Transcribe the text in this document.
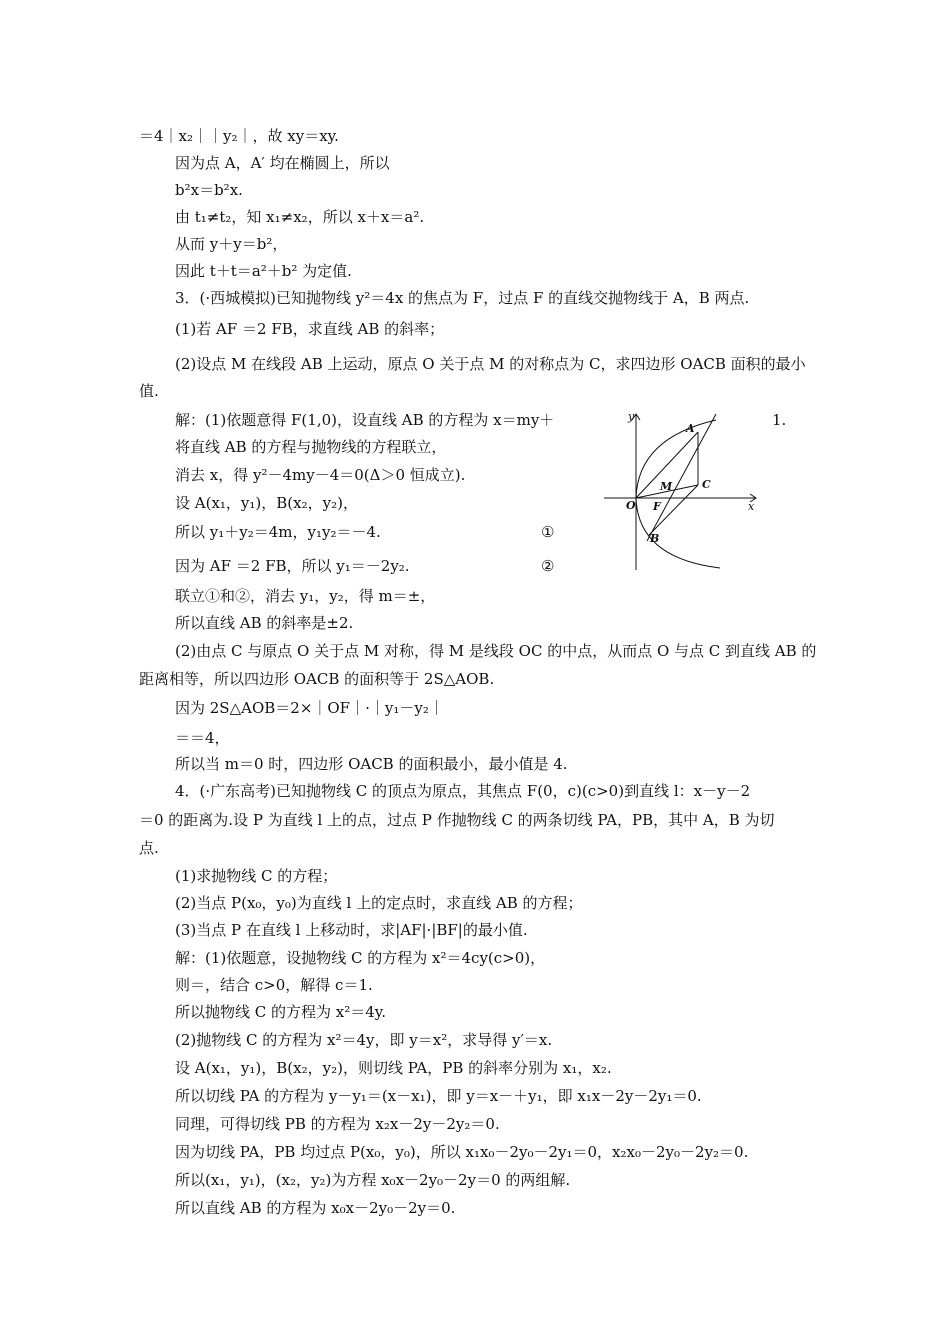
＝4｜x₂｜｜y₂｜，故 xy＝xy.
因为点 A，A′ 均在椭圆上，所以
b²x＝b²x.
由 t₁≠t₂，知 x₁≠x₂，所以 x＋x＝a².
从而 y＋y＝b²，
因此 t＋t＝a²＋b² 为定值.
3．(·西城模拟)已知抛物线 y²＝4x 的焦点为 F，过点 F 的直线交抛物线于 A，B 两点.
(1)若 AF ＝2 FB，求直线 AB 的斜率；
(2)设点 M 在线段 AB 上运动，原点 O 关于点 M 的对称点为 C，求四边形 OACB 面积的最小
值.
解：(1)依题意得 F(1,0)，设直线 AB 的方程为 x＝my＋
将直线 AB 的方程与抛物线的方程联立，
消去 x，得 y²－4my－4＝0(Δ＞0 恒成立).
设 A(x₁，y₁)，B(x₂，y₂)，
所以 y₁＋y₂＝4m，y₁y₂＝－4.
因为 AF ＝2 FB，所以 y₁＝－2y₂.
联立①和②，消去 y₁，y₂，得 m＝±，
所以直线 AB 的斜率是±2.
(2)由点 C 与原点 O 关于点 M 对称，得 M 是线段 OC 的中点，从而点 O 与点 C 到直线 AB 的
距离相等，所以四边形 OACB 的面积等于 2S△AOB.
因为 2S△AOB＝2×｜OF｜·｜y₁－y₂｜
＝＝4，
所以当 m＝0 时，四边形 OACB 的面积最小，最小值是 4.
4．(·广东高考)已知抛物线 C 的顶点为原点，其焦点 F(0，c)(c>0)到直线 l：x－y－2
＝0 的距离为.设 P 为直线 l 上的点，过点 P 作抛物线 C 的两条切线 PA，PB，其中 A，B 为切
点.
(1)求抛物线 C 的方程；
(2)当点 P(x₀，y₀)为直线 l 上的定点时，求直线 AB 的方程；
(3)当点 P 在直线 l 上移动时，求|AF|·|BF|的最小值.
解：(1)依题意，设抛物线 C 的方程为 x²＝4cy(c>0)，
则＝，结合 c>0，解得 c＝1.
所以抛物线 C 的方程为 x²＝4y.
(2)抛物线 C 的方程为 x²＝4y，即 y＝x²，求导得 y′＝x.
设 A(x₁，y₁)，B(x₂，y₂)，则切线 PA，PB 的斜率分别为 x₁，x₂.
所以切线 PA 的方程为 y－y₁＝(x－x₁)，即 y＝x－＋y₁，即 x₁x－2y－2y₁＝0.
同理，可得切线 PB 的方程为 x₂x－2y－2y₂＝0.
因为切线 PA，PB 均过点 P(x₀，y₀)，所以 x₁x₀－2y₀－2y₁＝0，x₂x₀－2y₀－2y₂＝0.
所以(x₁，y₁)，(x₂，y₂)为方程 x₀x－2y₀－2y＝0 的两组解.
所以直线 AB 的方程为 x₀x－2y₀－2y＝0.
1.
①
②
y
x
A
C
M
O F
B
